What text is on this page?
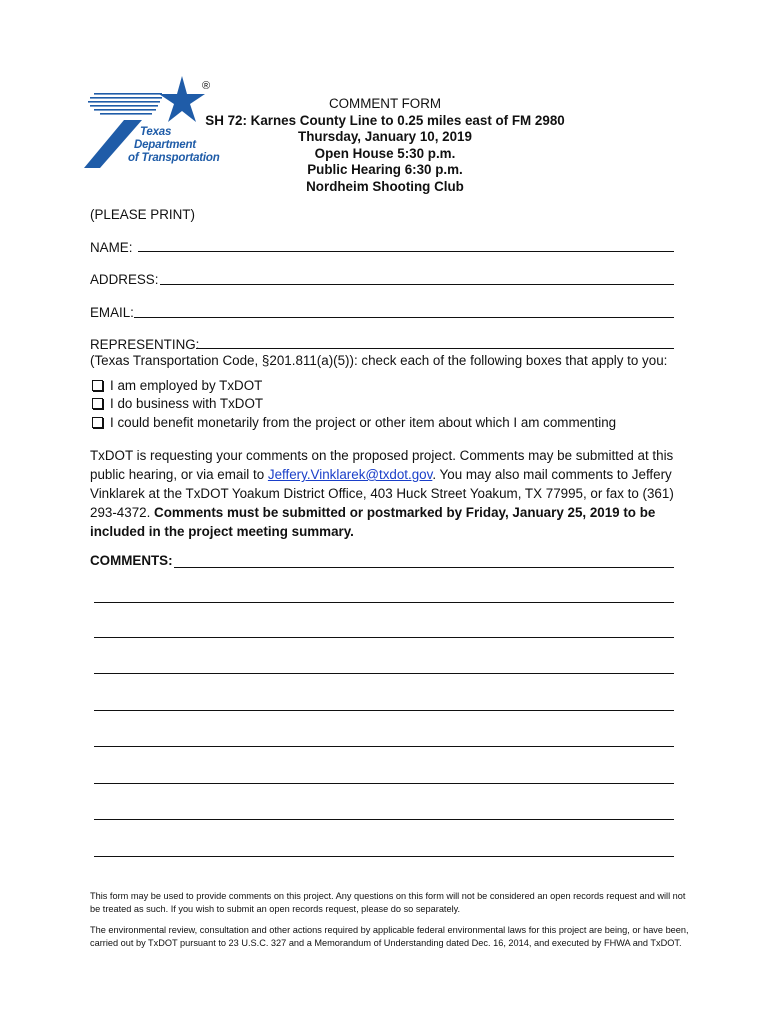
Texas
Department
of Transportation
®
COMMENT FORM
SH 72: Karnes County Line to 0.25 miles east of FM 2980
Thursday, January 10, 2019
Open House 5:30 p.m.
Public Hearing 6:30 p.m.
Nordheim Shooting Club
(PLEASE PRINT)
NAME:
ADDRESS:
EMAIL:
REPRESENTING:
(Texas Transportation Code, §201.811(a)(5)): check each of the following boxes that apply to you:
I am employed by TxDOT
I do business with TxDOT
I could benefit monetarily from the project or other item about which I am commenting
TxDOT is requesting your comments on the proposed project. Comments may be submitted at this public hearing, or via email to Jeffery.Vinklarek@txdot.gov. You may also mail comments to Jeffery Vinklarek at the TxDOT Yoakum District Office, 403 Huck Street Yoakum, TX 77995, or fax to (361) 293-4372. Comments must be submitted or postmarked by Friday, January 25, 2019 to be included in the project meeting summary.
COMMENTS:
This form may be used to provide comments on this project. Any questions on this form will not be considered an open records request and will not be treated as such. If you wish to submit an open records request, please do so separately.
The environmental review, consultation and other actions required by applicable federal environmental laws for this project are being, or have been, carried out by TxDOT pursuant to 23 U.S.C. 327 and a Memorandum of Understanding dated Dec. 16, 2014, and executed by FHWA and TxDOT.
